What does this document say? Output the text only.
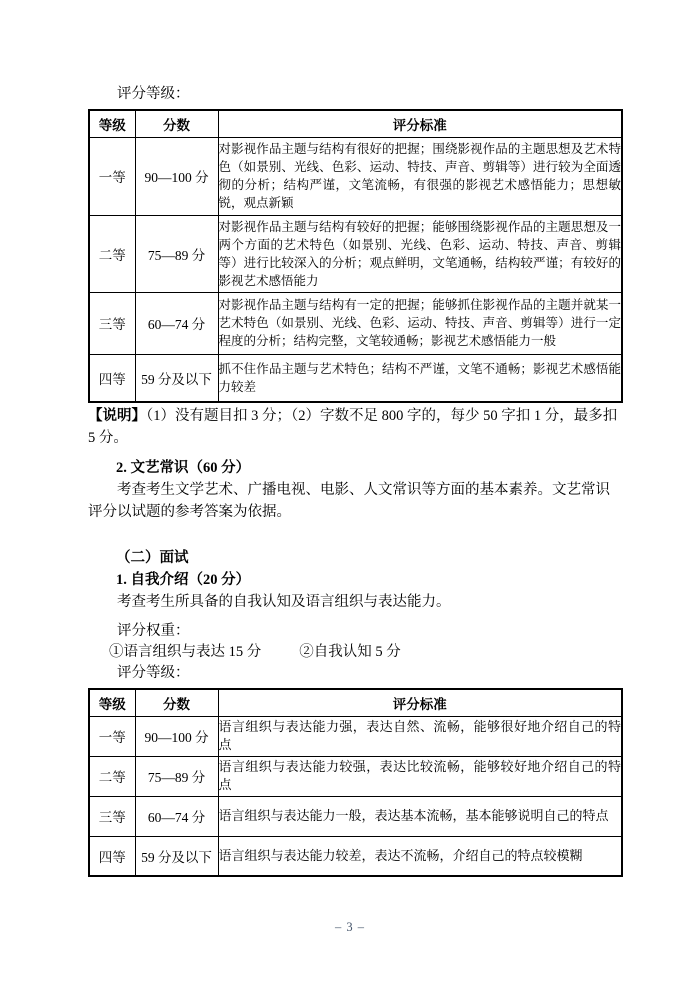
评分等级：

等级	分数	评分标准
一等	90—100 分	对影视作品主题与结构有很好的把握；围绕影视作品的主题思想及艺术特色（如景别、光线、色彩、运动、特技、声音、剪辑等）进行较为全面透彻的分析；结构严谨，文笔流畅，有很强的影视艺术感悟能力；思想敏锐，观点新颖
二等	75—89 分	对影视作品主题与结构有较好的把握；能够围绕影视作品的主题思想及一两个方面的艺术特色（如景别、光线、色彩、运动、特技、声音、剪辑等）进行比较深入的分析；观点鲜明，文笔通畅，结构较严谨；有较好的影视艺术感悟能力
三等	60—74 分	对影视作品主题与结构有一定的把握；能够抓住影视作品的主题并就某一艺术特色（如景别、光线、色彩、运动、特技、声音、剪辑等）进行一定程度的分析；结构完整，文笔较通畅；影视艺术感悟能力一般
四等	59 分及以下	抓不住作品主题与艺术特色；结构不严谨，文笔不通畅；影视艺术感悟能力较差

【说明】（1）没有题目扣 3 分；（2）字数不足 800 字的，每少 50 字扣 1 分，最多扣 5 分。

2. 文艺常识（60 分）

考查考生文学艺术、广播电视、电影、人文常识等方面的基本素养。文艺常识评分以试题的参考答案为依据。

（二）面试

1. 自我介绍（20 分）

考查考生所具备的自我认知及语言组织与表达能力。

评分权重：

①语言组织与表达 15 分	②自我认知 5 分

评分等级：

等级	分数	评分标准
一等	90—100 分	语言组织与表达能力强，表达自然、流畅，能够很好地介绍自己的特点
二等	75—89 分	语言组织与表达能力较强，表达比较流畅，能够较好地介绍自己的特点
三等	60—74 分	语言组织与表达能力一般，表达基本流畅，基本能够说明自己的特点
四等	59 分及以下	语言组织与表达能力较差，表达不流畅，介绍自己的特点较模糊
– 3 –
